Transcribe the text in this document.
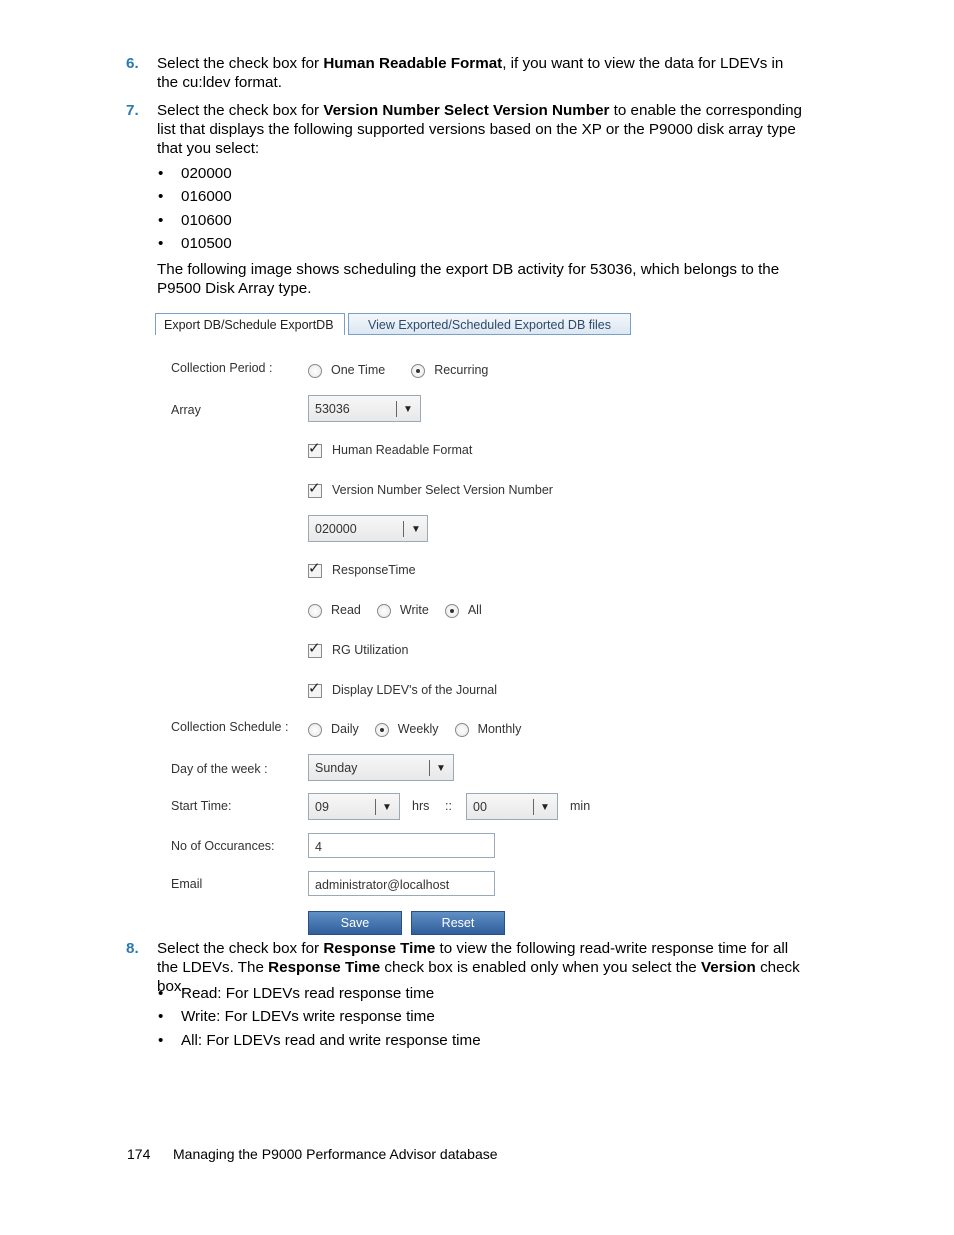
6. Select the check box for Human Readable Format, if you want to view the data for LDEVs in the cu:ldev format.
7. Select the check box for Version Number Select Version Number to enable the corresponding list that displays the following supported versions based on the XP or the P9000 disk array type that you select:
• 020000
• 016000
• 010600
• 010500
The following image shows scheduling the export DB activity for 53036, which belongs to the P9500 Disk Array type.
Export DB/Schedule ExportDB	View Exported/Scheduled Exported DB files
Collection Period :	One Time	Recurring
Array	53036	▼
✓ Human Readable Format
✓ Version Number Select Version Number
020000	▼
✓ ResponseTime
Read	Write	All
✓ RG Utilization
✓ Display LDEV's of the Journal
Collection Schedule :	Daily	Weekly	Monthly
Day of the week :	Sunday	▼
Start Time:	09	▼ hrs :: 00	▼ min
No of Occurances:	4
Email	administrator@localhost
Save	Reset
8. Select the check box for Response Time to view the following read-write response time for all the LDEVs. The Response Time check box is enabled only when you select the Version check box.
• Read: For LDEVs read response time
• Write: For LDEVs write response time
• All: For LDEVs read and write response time
174 Managing the P9000 Performance Advisor database
